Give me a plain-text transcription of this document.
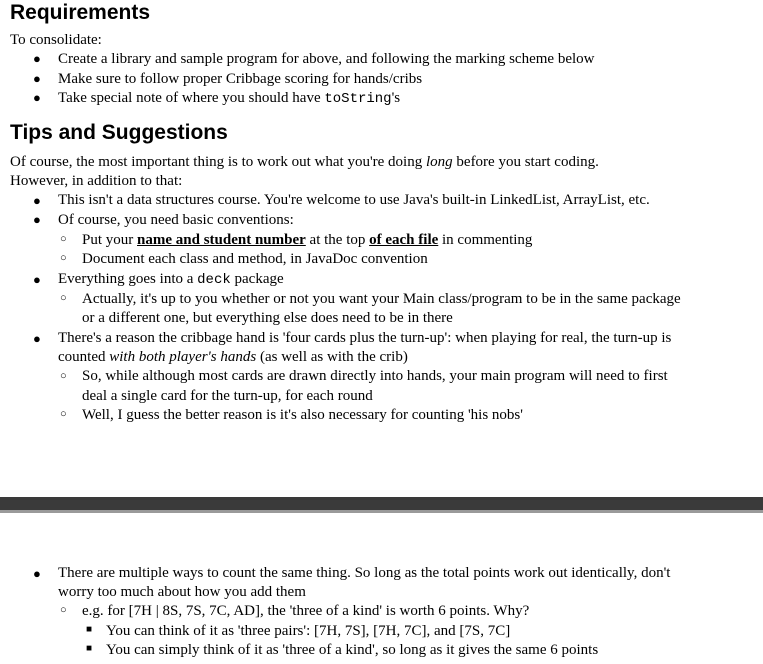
Requirements
To consolidate:
● Create a library and sample program for above, and following the marking scheme below
● Make sure to follow proper Cribbage scoring for hands/cribs
● Take special note of where you should have toString's
Tips and Suggestions
Of course, the most important thing is to work out what you're doing long before you start coding.
However, in addition to that:
● This isn't a data structures course. You're welcome to use Java's built-in LinkedList, ArrayList, etc.
● Of course, you need basic conventions:
○ Put your name and student number at the top of each file in commenting
○ Document each class and method, in JavaDoc convention
● Everything goes into a deck package
○ Actually, it's up to you whether or not you want your Main class/program to be in the same package
or a different one, but everything else does need to be in there
● There's a reason the cribbage hand is 'four cards plus the turn-up': when playing for real, the turn-up is
counted with both player's hands (as well as with the crib)
○ So, while although most cards are drawn directly into hands, your main program will need to first
deal a single card for the turn-up, for each round
○ Well, I guess the better reason is it's also necessary for counting 'his nobs'
● There are multiple ways to count the same thing. So long as the total points work out identically, don't
worry too much about how you add them
○ e.g. for [7H | 8S, 7S, 7C, AD], the 'three of a kind' is worth 6 points. Why?
■ You can think of it as 'three pairs': [7H, 7S], [7H, 7C], and [7S, 7C]
■ You can simply think of it as 'three of a kind', so long as it gives the same 6 points
